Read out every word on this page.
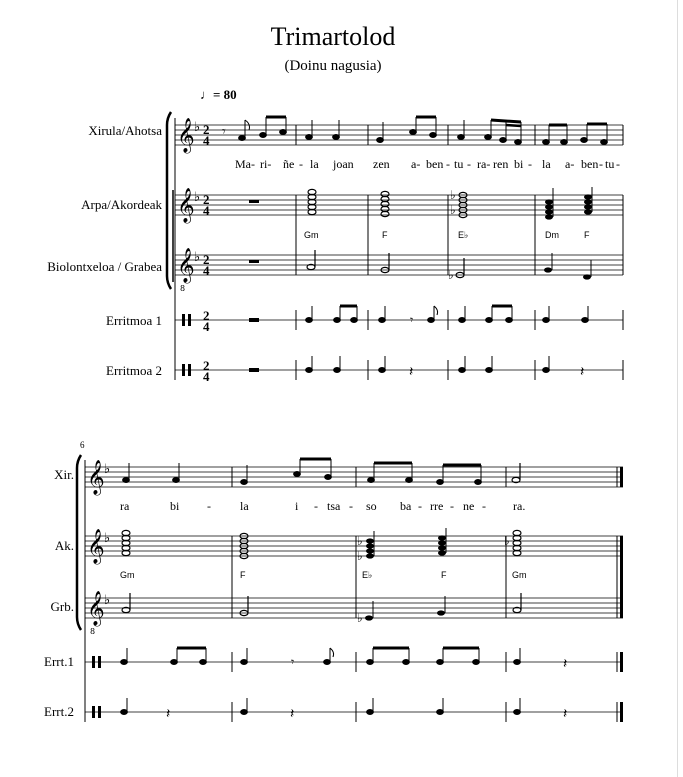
Trimartolod
(Doinu nagusia)
♩= 80
Xirula/Ahotsa
Arpa/Akordeak
Biolontxeloa / Grabea
Erritmoa 1
Erritmoa 2
Xir.
Ak.
Grb.
Errt.1
Errt.2
6
Ma- ri- ñe - la joan zen a- ben - tu - ra- ren bi - la a- ben - tu -
Gm	F	E♭	Dm	F
ra	bi - la	i - tsa - so ba - rre - ne - ra.
Gm	F	E♭	F	Gm
𝄞
𝄞
𝄞
8
♭
♭
♭
2
4
2
4
2
4
2
4
2
4
𝄾
♭
♭
♭
𝄾
𝄽	𝄽
𝄞
𝄞
𝄞
8
♭
♭
♭
♭
♭
♭
♭
𝄾	𝄽
𝄽	𝄽	𝄽
